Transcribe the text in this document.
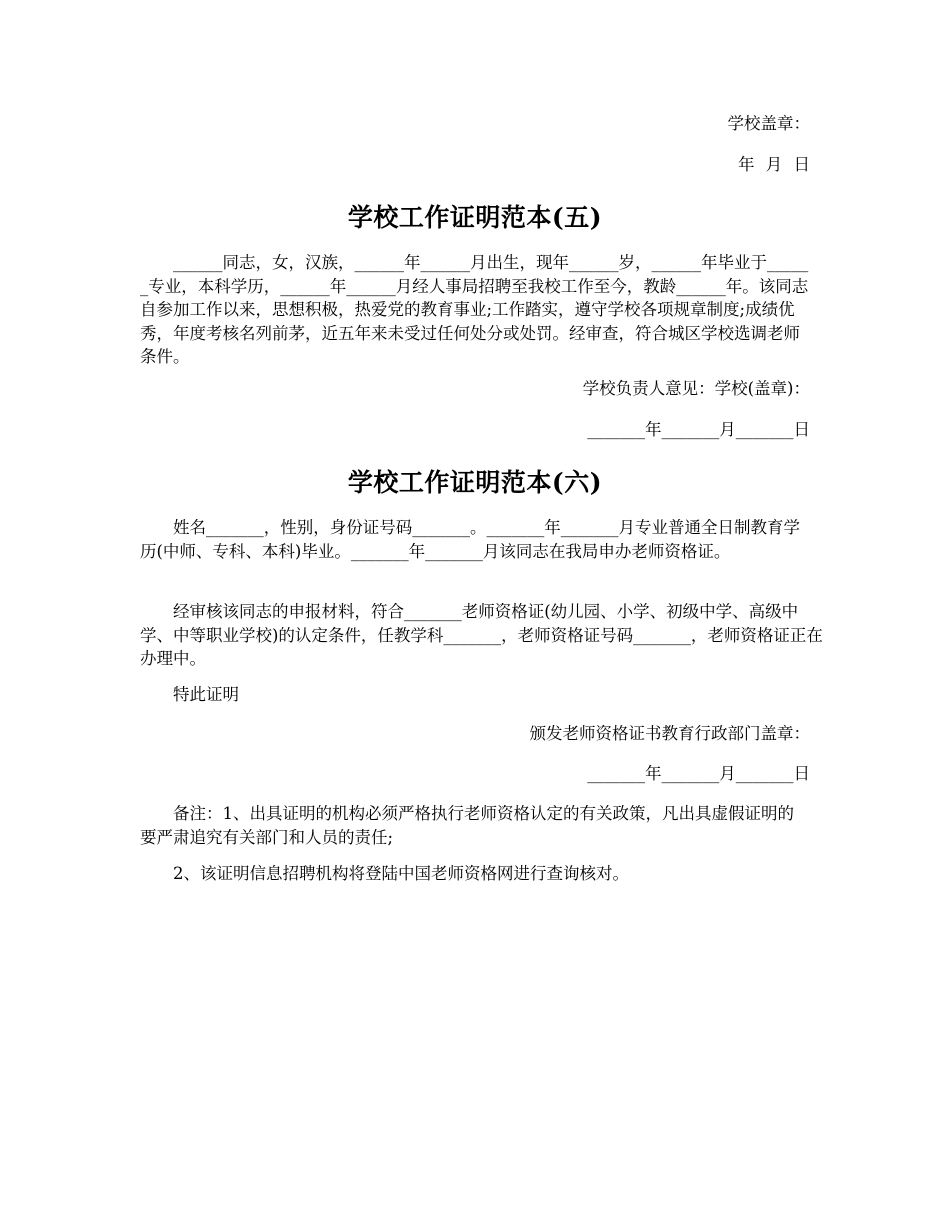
学校盖章：
年 月 日
学校工作证明范本(五)
______同志，女，汉族，______年______月出生，现年______岁，______年毕业于______专业，本科学历，______年______月经人事局招聘至我校工作至今，教龄______年。该同志自参加工作以来，思想积极，热爱党的教育事业;工作踏实，遵守学校各项规章制度;成绩优秀，年度考核名列前茅，近五年来未受过任何处分或处罚。经审查，符合城区学校选调老师条件。
学校负责人意见：学校(盖章)：
_______年_______月_______日
学校工作证明范本(六)
姓名_______，性别，身份证号码_______。_______年_______月专业普通全日制教育学历(中师、专科、本科)毕业。_______年_______月该同志在我局申办老师资格证。
经审核该同志的申报材料，符合_______老师资格证(幼儿园、小学、初级中学、高级中学、中等职业学校)的认定条件，任教学科_______，老师资格证号码_______，老师资格证正在办理中。
特此证明
颁发老师资格证书教育行政部门盖章：
_______年_______月_______日
备注：1、出具证明的机构必须严格执行老师资格认定的有关政策，凡出具虚假证明的要严肃追究有关部门和人员的责任;
2、该证明信息招聘机构将登陆中国老师资格网进行查询核对。
